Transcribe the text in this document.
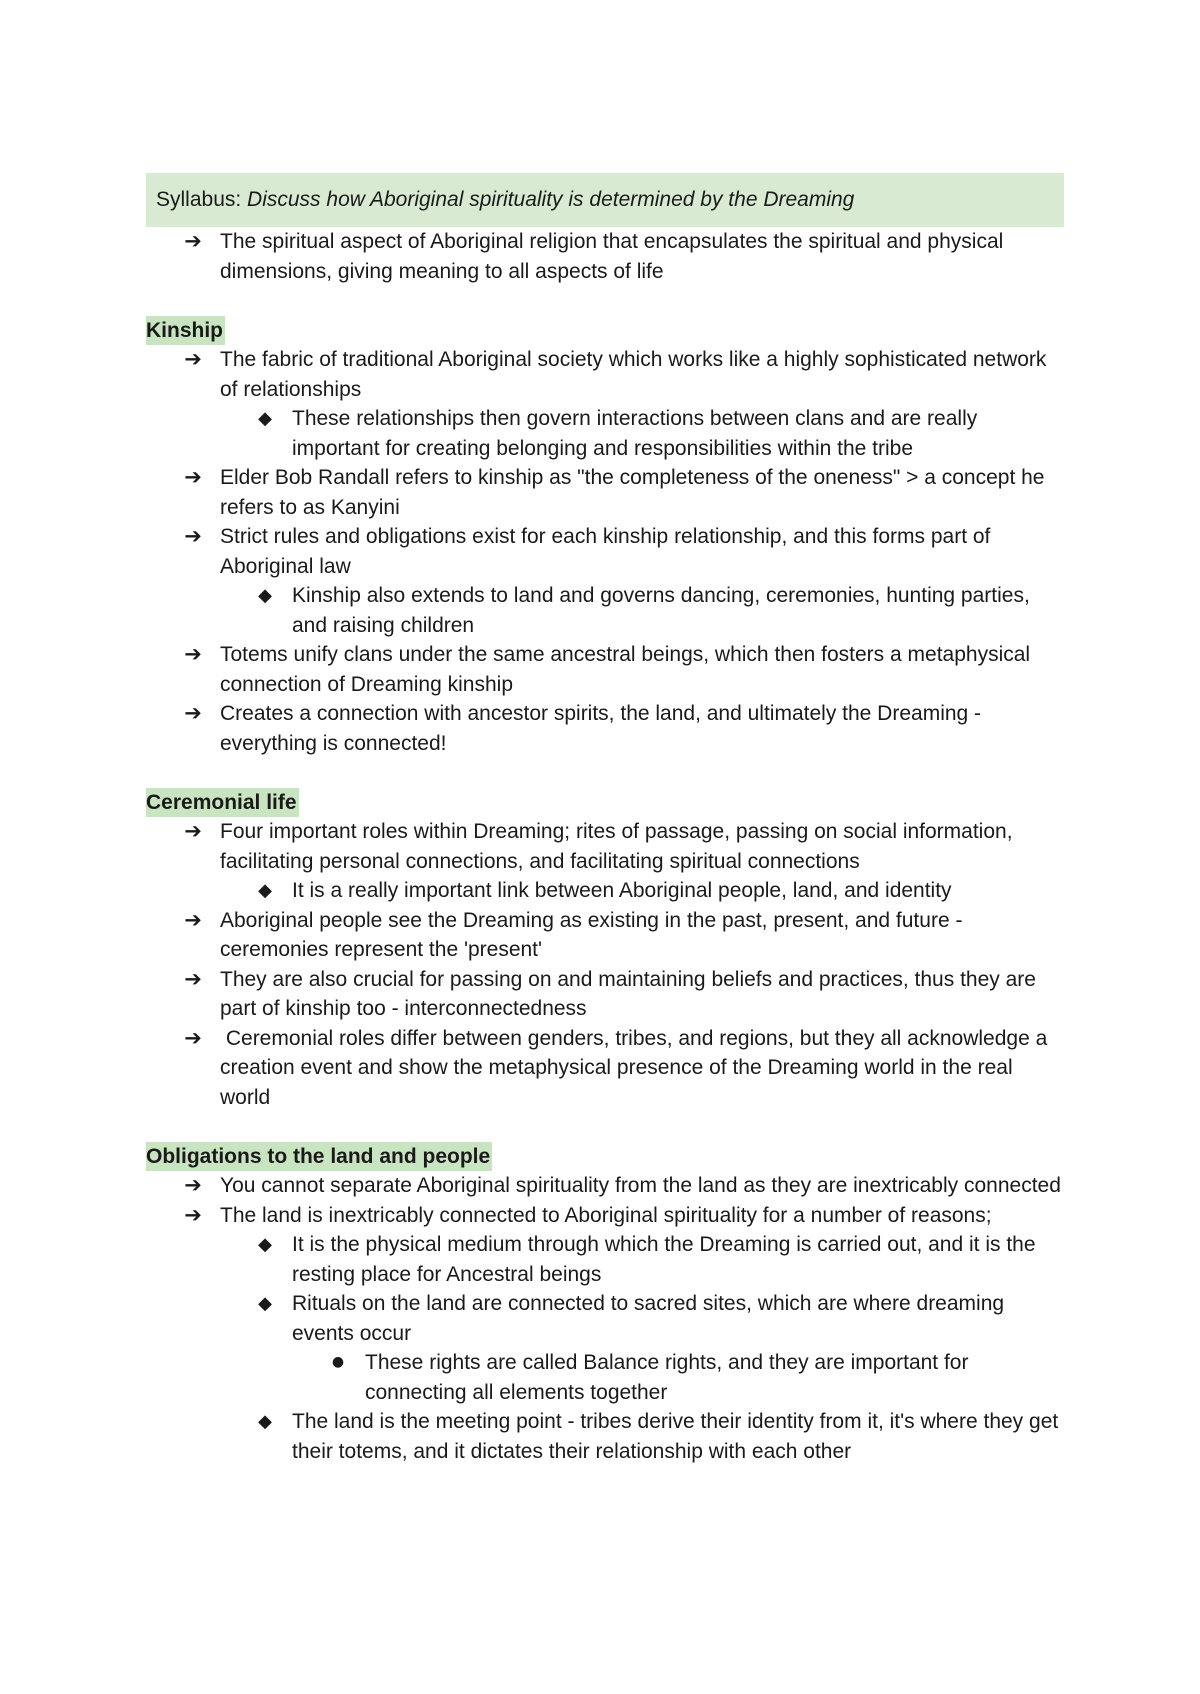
Syllabus: Discuss how Aboriginal spirituality is determined by the Dreaming
➔ The spiritual aspect of Aboriginal religion that encapsulates the spiritual and physical dimensions, giving meaning to all aspects of life
Kinship
➔ The fabric of traditional Aboriginal society which works like a highly sophisticated network of relationships
◆ These relationships then govern interactions between clans and are really important for creating belonging and responsibilities within the tribe
➔ Elder Bob Randall refers to kinship as "the completeness of the oneness" > a concept he refers to as Kanyini
➔ Strict rules and obligations exist for each kinship relationship, and this forms part of Aboriginal law
◆ Kinship also extends to land and governs dancing, ceremonies, hunting parties, and raising children
➔ Totems unify clans under the same ancestral beings, which then fosters a metaphysical connection of Dreaming kinship
➔ Creates a connection with ancestor spirits, the land, and ultimately the Dreaming - everything is connected!
Ceremonial life
➔ Four important roles within Dreaming; rites of passage, passing on social information, facilitating personal connections, and facilitating spiritual connections
◆ It is a really important link between Aboriginal people, land, and identity
➔ Aboriginal people see the Dreaming as existing in the past, present, and future - ceremonies represent the 'present'
➔ They are also crucial for passing on and maintaining beliefs and practices, thus they are part of kinship too - interconnectedness
➔ Ceremonial roles differ between genders, tribes, and regions, but they all acknowledge a creation event and show the metaphysical presence of the Dreaming world in the real world
Obligations to the land and people
➔ You cannot separate Aboriginal spirituality from the land as they are inextricably connected
➔ The land is inextricably connected to Aboriginal spirituality for a number of reasons;
◆ It is the physical medium through which the Dreaming is carried out, and it is the resting place for Ancestral beings
◆ Rituals on the land are connected to sacred sites, which are where dreaming events occur
● These rights are called Balance rights, and they are important for connecting all elements together
◆ The land is the meeting point - tribes derive their identity from it, it's where they get their totems, and it dictates their relationship with each other
